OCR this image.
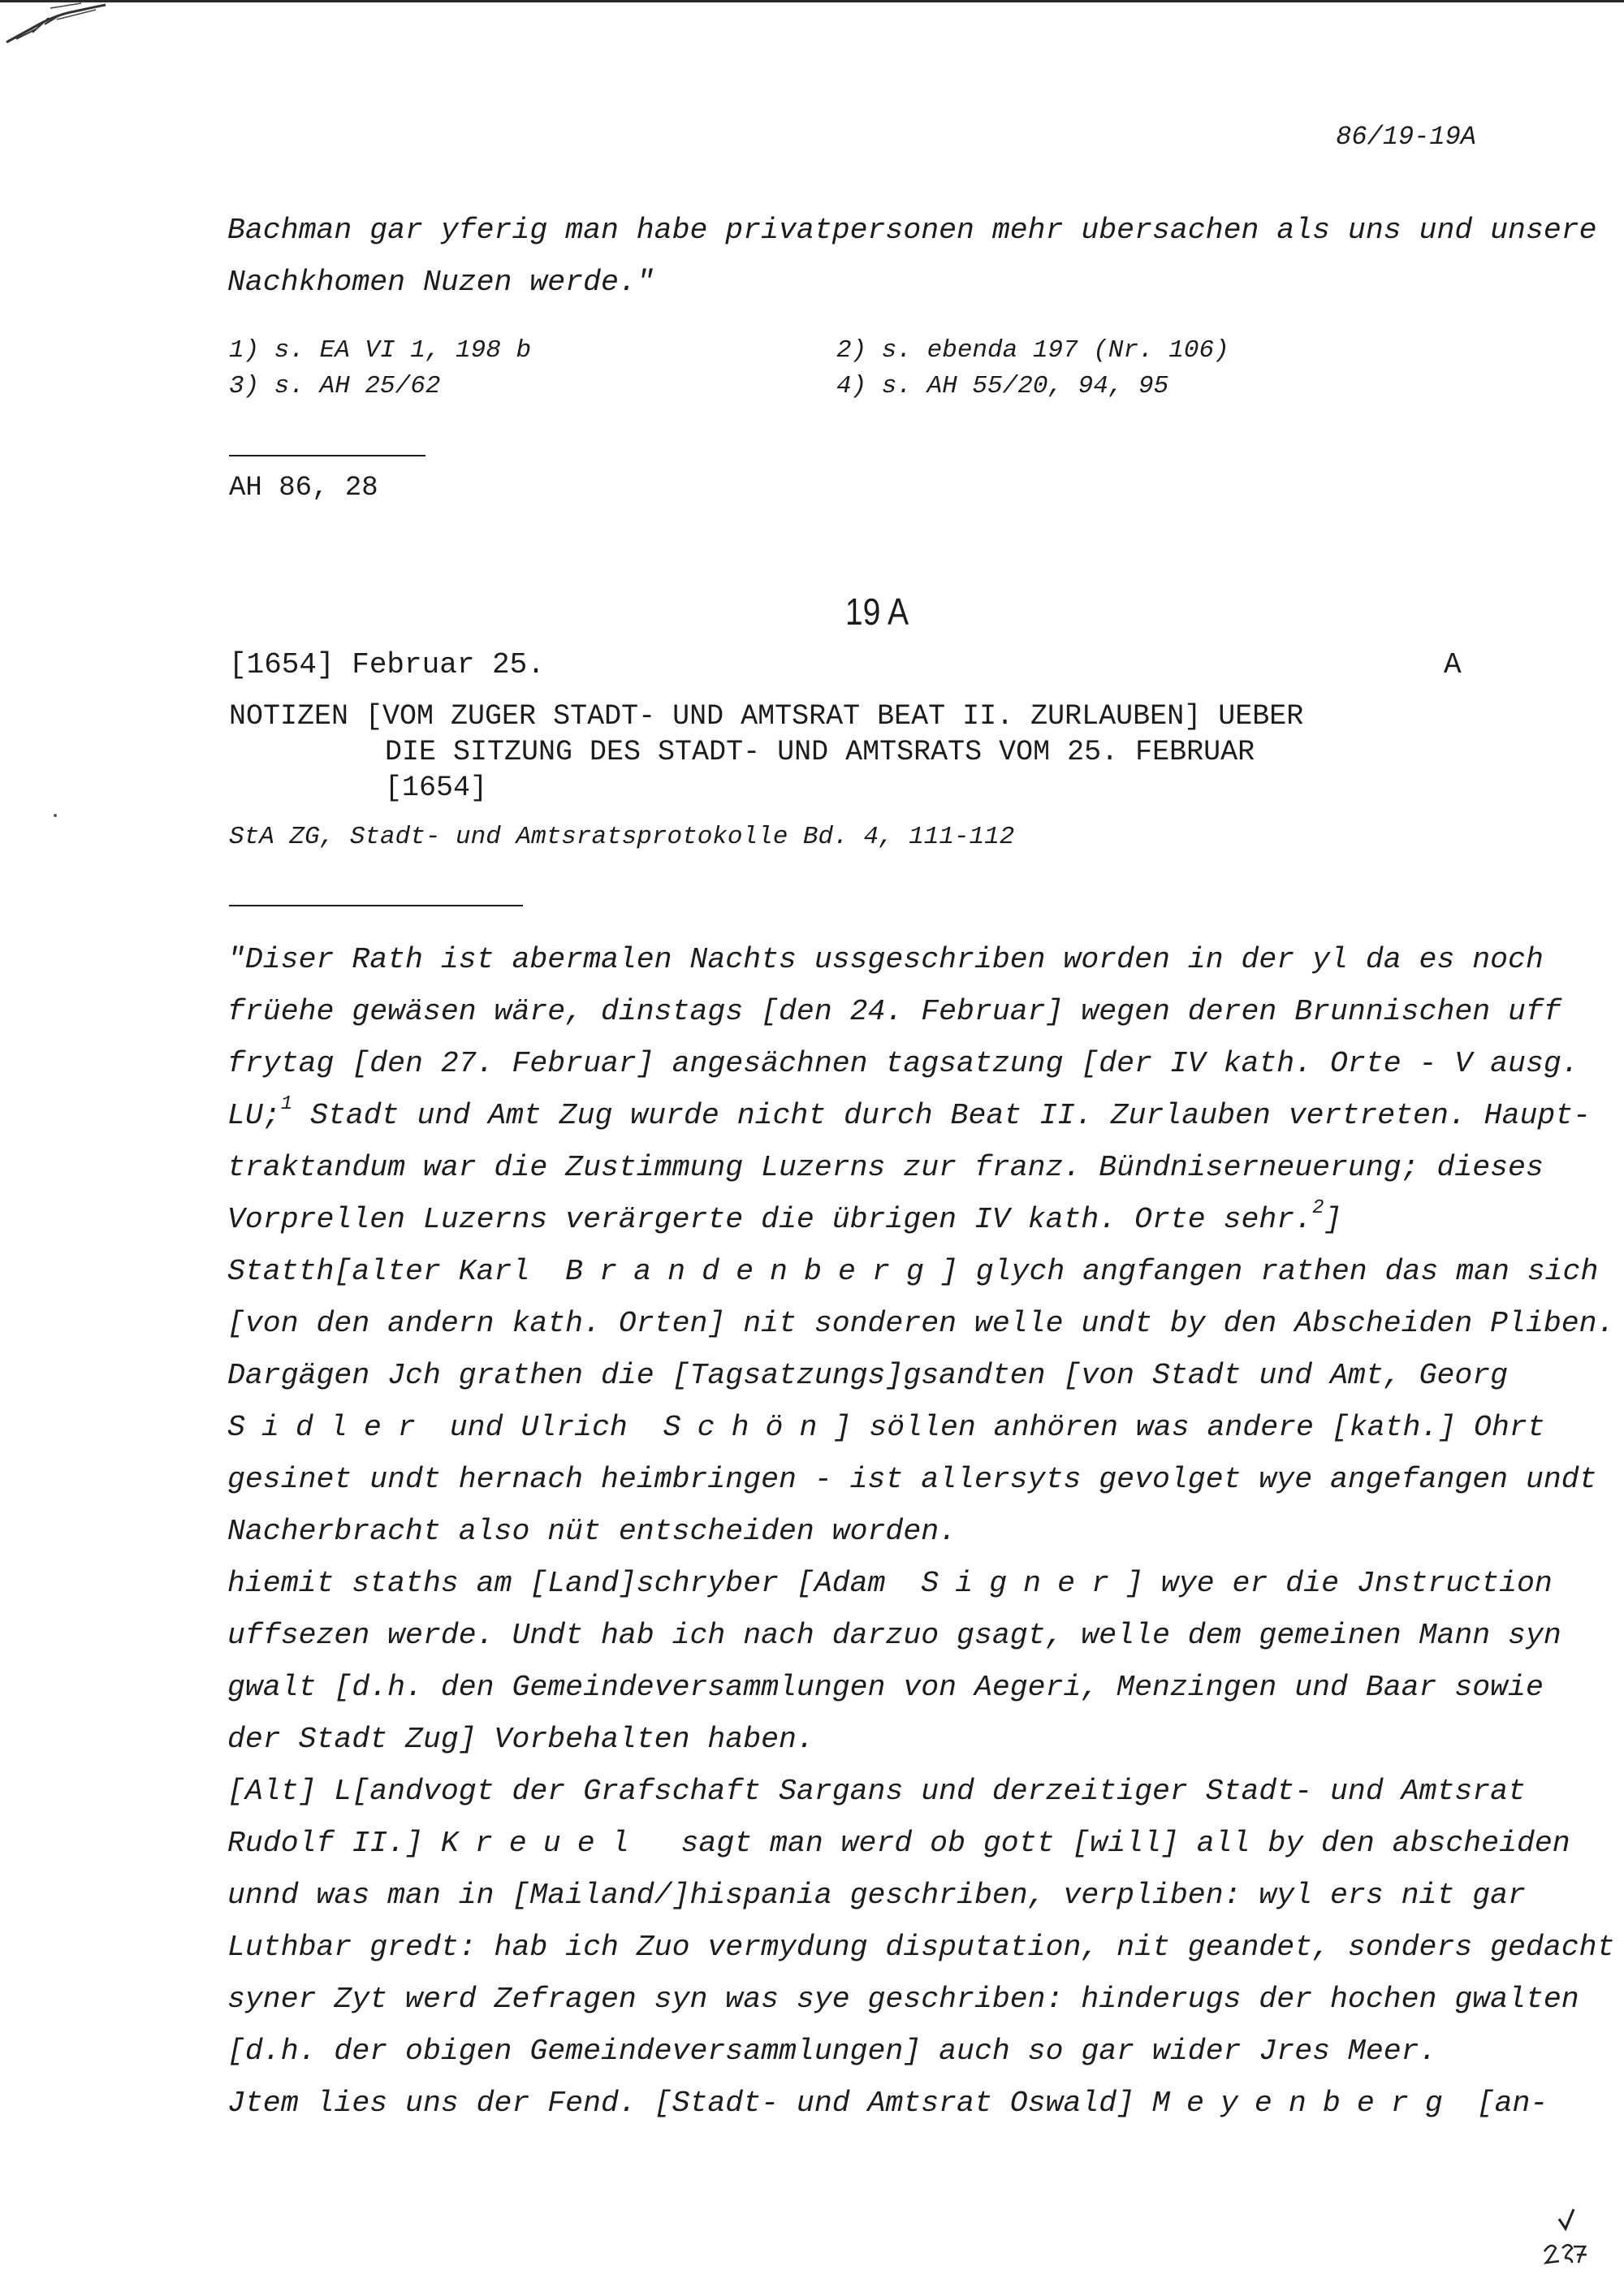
86/19-19A
Bachman gar yferig man habe privatpersonen mehr ubersachen als uns und unsere
Nachkhomen Nuzen werde."
1) s. EA VI 1, 198 b	2) s. ebenda 197 (Nr. 106)
3) s. AH 25/62	4) s. AH 55/20, 94, 95
AH 86, 28
19 A
[1654] Februar 25.	A
NOTIZEN [VOM ZUGER STADT- UND AMTSRAT BEAT II. ZURLAUBEN] UEBER
DIE SITZUNG DES STADT- UND AMTSRATS VOM 25. FEBRUAR
[1654]
StA ZG, Stadt- und Amtsratsprotokolle Bd. 4, 111-112
"Diser Rath ist abermalen Nachts ussgeschriben worden in der yl da es noch
früehe gewäsen wäre, dinstags [den 24. Februar] wegen deren Brunnischen uff
frytag [den 27. Februar] angesächnen tagsatzung [der IV kath. Orte - V ausg.
LU;$^1$ Stadt und Amt Zug wurde nicht durch Beat II. Zurlauben vertreten. Haupt-
traktandum war die Zustimmung Luzerns zur franz. Bündniserneuerung; dieses
Vorprellen Luzerns verärgerte die übrigen IV kath. Orte sehr.$^2$]
Statth[alter Karl  Brandenberg] glych angfangen rathen das man sich
[von den andern kath. Orten] nit sonderen welle undt by den Abscheiden Pliben.
Dargägen Jch grathen die [Tagsatzungs]gsandten [von Stadt und Amt, Georg
Sidler und Ulrich  Schön] söllen anhören was andere [kath.] Ohrt
gesinet undt hernach heimbringen - ist allersyts gevolget wye angefangen undt
Nacherbracht also nüt entscheiden worden.
hiemit staths am [Land]schryber [Adam  Signer] wye er die Jnstruction
uffsezen werde. Undt hab ich nach darzuo gsagt, welle dem gemeinen Mann syn
gwalt [d.h. den Gemeindeversammlungen von Aegeri, Menzingen und Baar sowie
der Stadt Zug] Vorbehalten haben.
[Alt] L[andvogt der Grafschaft Sargans und derzeitiger Stadt- und Amtsrat
Rudolf II.] Kreuel  sagt man werd ob gott [will] all by den abscheiden
unnd was man in [Mailand/]hispania geschriben, verpliben: wyl ers nit gar
Luthbar gredt: hab ich Zuo vermydung disputation, nit geandet, sonders gedacht
syner Zyt werd Zefragen syn was sye geschriben: hinderugs der hochen gwalten
[d.h. der obigen Gemeindeversammlungen] auch so gar wider Jres Meer.
Jtem lies uns der Fend. [Stadt- und Amtsrat Oswald] Meyenberg [an-
